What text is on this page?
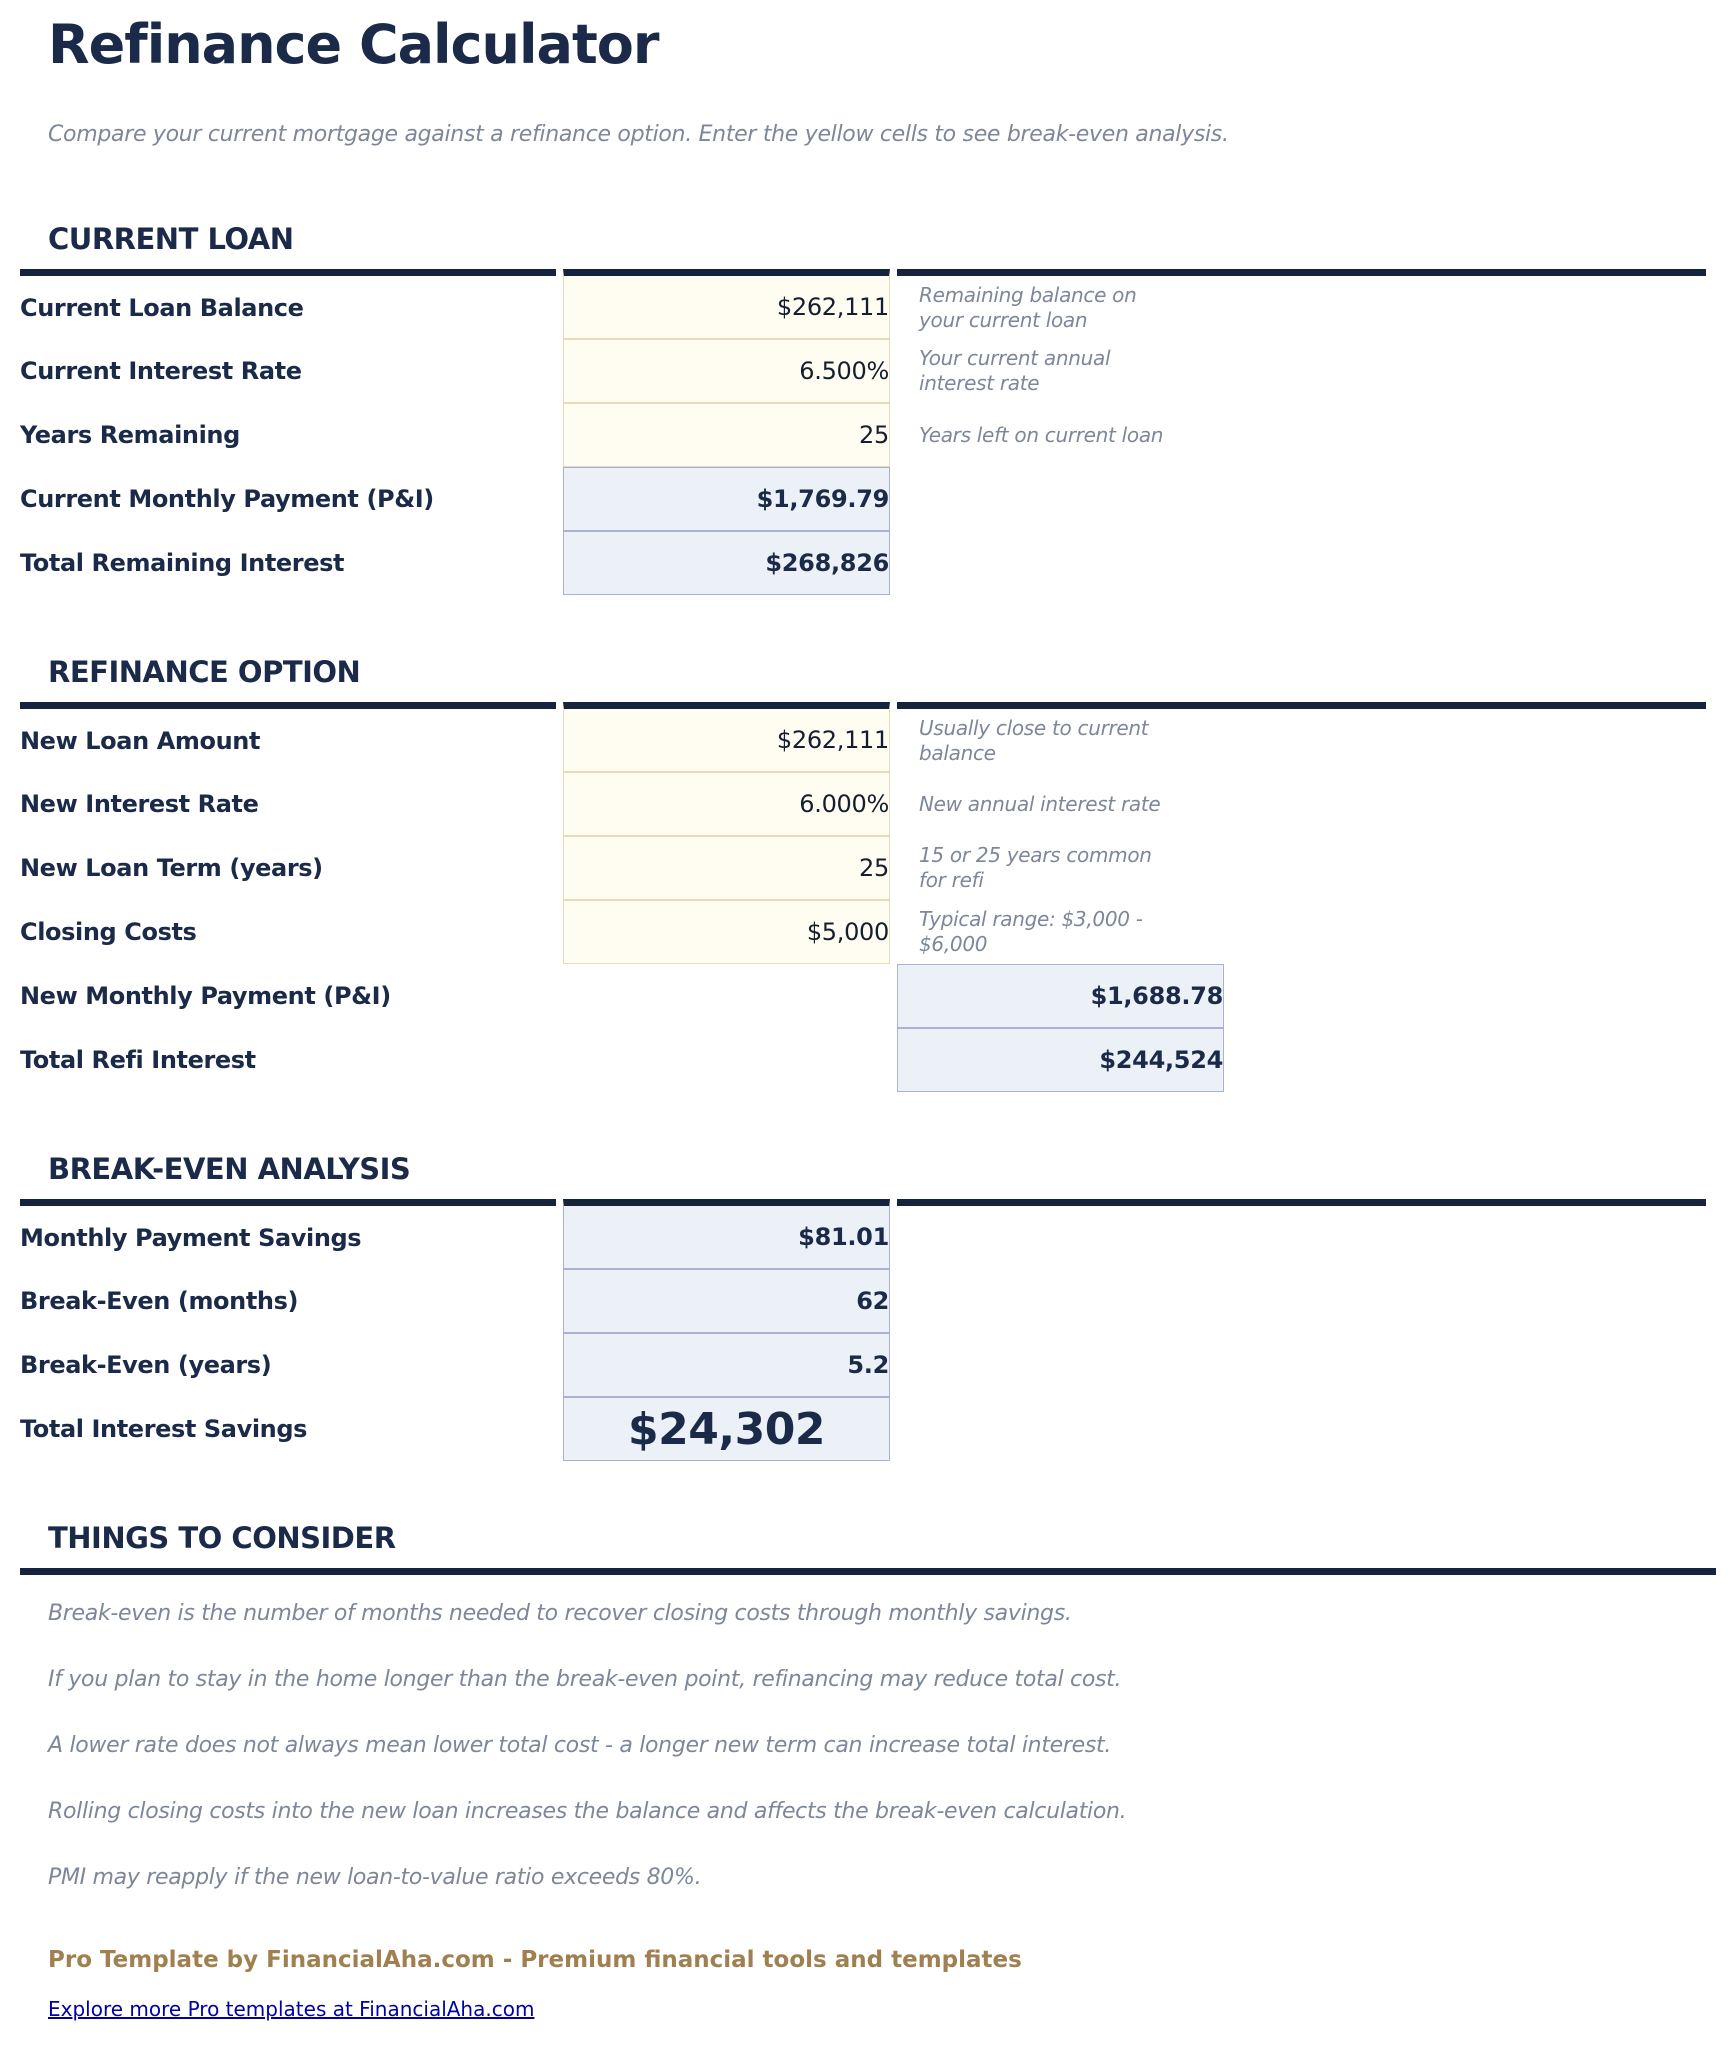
Refinance Calculator
Compare your current mortgage against a refinance option. Enter the yellow cells to see break-even analysis.
CURRENT LOAN
Current Loan Balance	$262,111	Remaining balance on your current loan
Current Interest Rate	6.500%	Your current annual interest rate
Years Remaining	25	Years left on current loan
Current Monthly Payment (P&I)	$1,769.79	
Total Remaining Interest	$268,826	
REFINANCE OPTION
New Loan Amount	$262,111	Usually close to current balance	
New Interest Rate	6.000%	New annual interest rate	
New Loan Term (years)	25	15 or 25 years common for refi	
Closing Costs	$5,000	Typical range: $3,000 - $6,000	
New Monthly Payment (P&I)		$1,688.78	
Total Refi Interest		$244,524	
BREAK-EVEN ANALYSIS
Monthly Payment Savings	$81.01	
Break-Even (months)	62	
Break-Even (years)	5.2	
Total Interest Savings	$24,302	
THINGS TO CONSIDER

Break-even is the number of months needed to recover closing costs through monthly savings.

If you plan to stay in the home longer than the break-even point, refinancing may reduce total cost.

A lower rate does not always mean lower total cost - a longer new term can increase total interest.

Rolling closing costs into the new loan increases the balance and affects the break-even calculation.

PMI may reapply if the new loan-to-value ratio exceeds 80%.

Pro Template by FinancialAha.com - Premium financial tools and templates
Explore more Pro templates at FinancialAha.com
